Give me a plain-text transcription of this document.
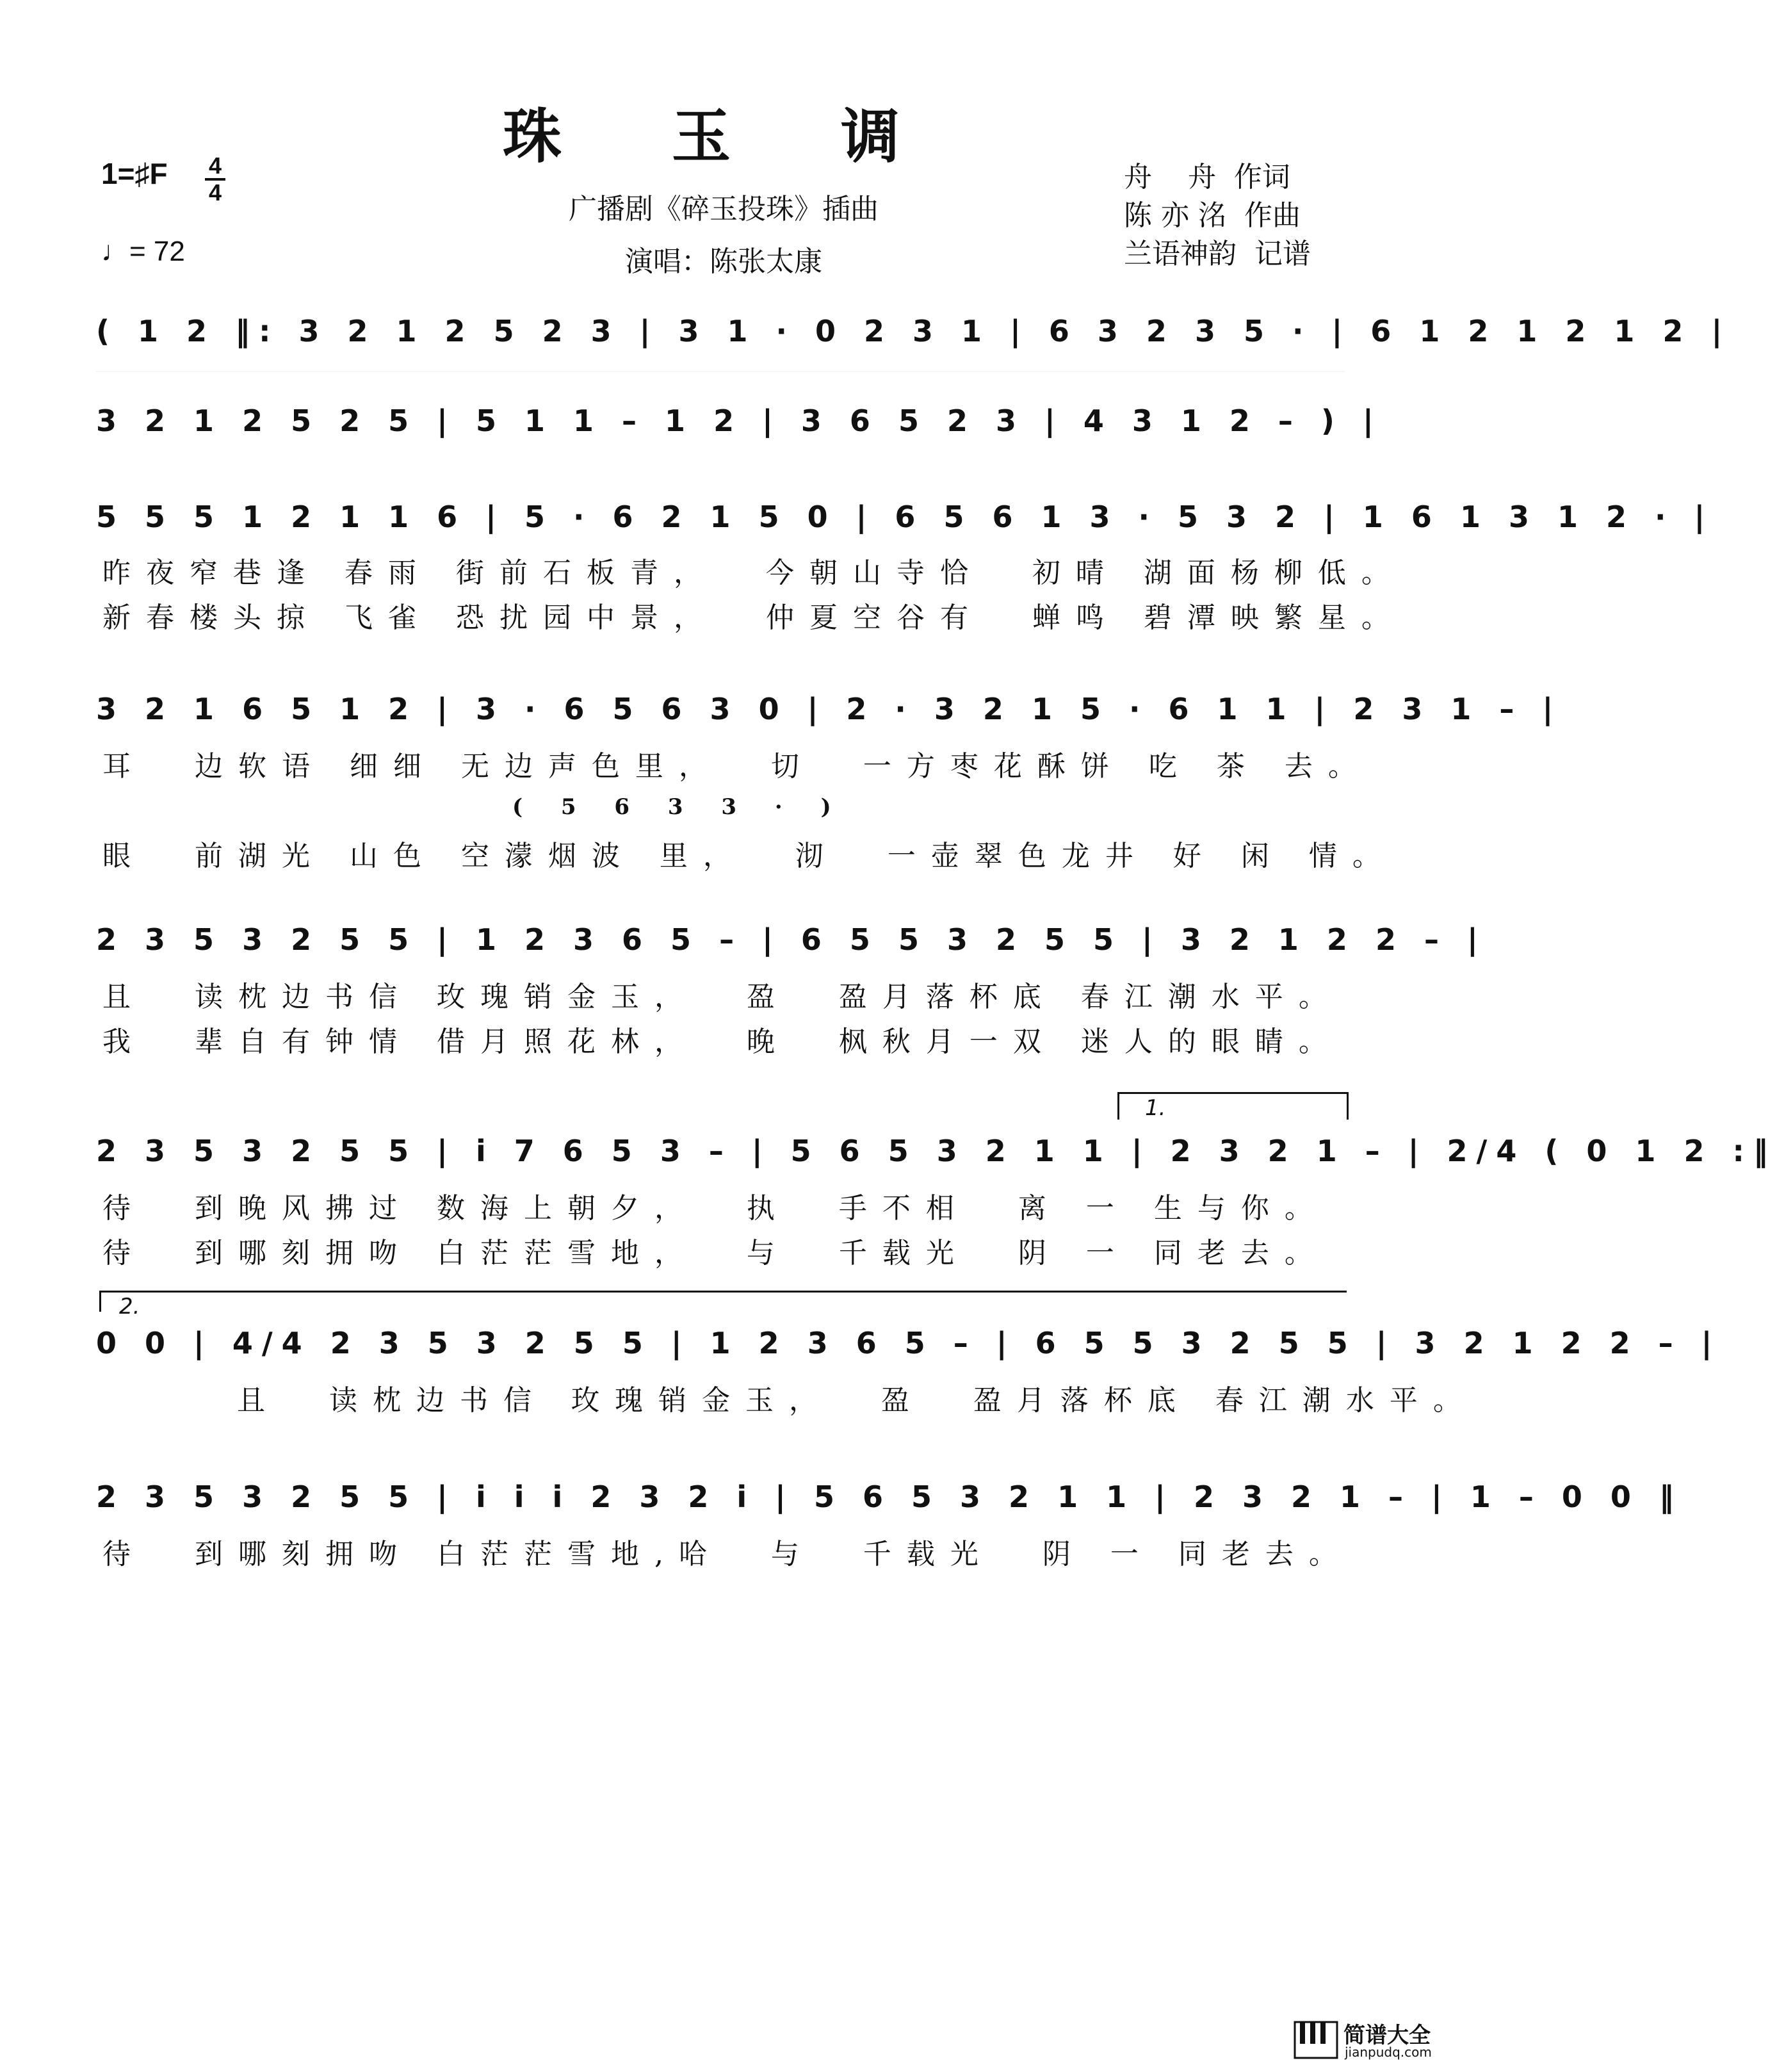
珠 玉 调
1=♯F 4
4
♩= 72
广播剧《碎玉投珠》插曲
演唱：陈张太康
舟    舟  作词
陈 亦 洺  作曲
兰语神韵  记谱
( 1 2 ‖: 3 2 1 2 5 2 3 | 3 1 · 0 2 3 1 | 6 3 2 3 5 · | 6 1 2 1 2 1 2 |
3 2 1 2 5 2 5 | 5 1 1 – 1 2 | 3 6 5 2 3 | 4 3 1 2 – ) |
5 5 5 1 2 1 1 6 | 5 · 6 2 1 5 0 | 6 5 6 1 3 · 5 3 2 | 1 6 1 3 1 2 · |
昨夜窄巷逢 春雨 街前石板青，  今朝山寺恰  初晴 湖面杨柳低。
新春楼头掠 飞雀 恐扰园中景，  仲夏空谷有  蝉鸣 碧潭映繁星。
3 2 1 6 5 1 2 | 3 · 6 5 6 3 0 | 2 · 3 2 1 5 · 6 1 1 | 2 3 1 – |
耳  边软语 细细 无边声色里，  切  一方枣花酥饼 吃 茶 去。
( 5 6 3 3 · )
眼  前湖光 山色 空濛烟波 里，  沏  一壶翠色龙井 好 闲 情。
2 3 5 3 2 5 5 | 1 2 3 6 5 – | 6 5 5 3 2 5 5 | 3 2 1 2 2 – |
且  读枕边书信 玫瑰销金玉，  盈  盈月落杯底 春江潮水平。
我  辈自有钟情 借月照花林，  晚  枫秋月一双 迷人的眼睛。
1.
2 3 5 3 2 5 5 | i 7 6 5 3 – | 5 6 5 3 2 1 1 | 2 3 2 1 – | 2/4 ( 0 1 2 :‖
待  到晚风拂过 数海上朝夕，  执  手不相  离 一 生与你。
待  到哪刻拥吻 白茫茫雪地，  与  千载光  阴 一 同老去。
2.
0 0 | 4/4 2 3 5 3 2 5 5 | 1 2 3 6 5 – | 6 5 5 3 2 5 5 | 3 2 1 2 2 – |
且  读枕边书信 玫瑰销金玉，  盈  盈月落杯底 春江潮水平。
2 3 5 3 2 5 5 | i i i 2 3 2 i | 5 6 5 3 2 1 1 | 2 3 2 1 – | 1 – 0 0 ‖
待  到哪刻拥吻 白茫茫雪地,哈  与  千载光  阴 一 同老去。
简谱大全
jianpudq.com
